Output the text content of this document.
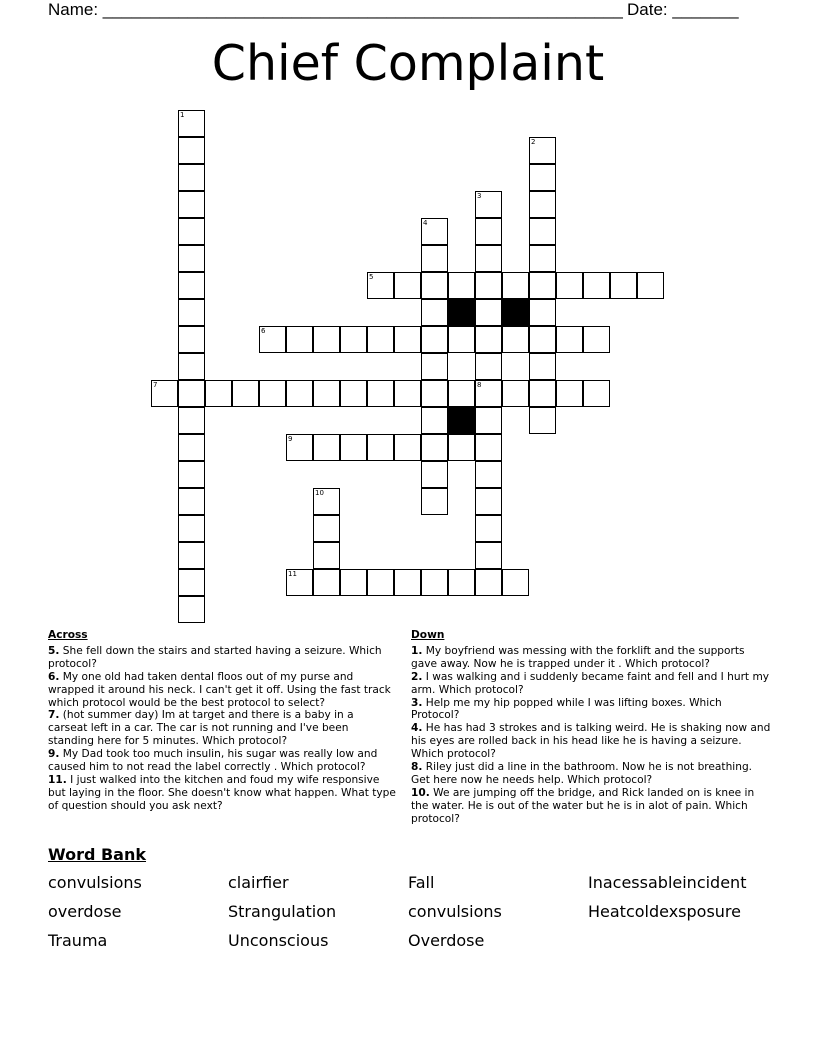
Name: _______________________________________________________ Date: _______
Chief Complaint
1
2
3
4
5
6
7	8
9
10
11
Across

5. She fell down the stairs and started having a seizure. Which protocol?

6. My one old had taken dental floos out of my purse and wrapped it around his neck. I can't get it off. Using the fast track which protocol would be the best protocol to select?

7. (hot summer day) Im at target and there is a baby in a carseat left in a car. The car is not running and I've been standing here for 5 minutes. Which protocol?

9. My Dad took too much insulin, his sugar was really low and caused him to not read the label correctly . Which protocol?

11. I just walked into the kitchen and foud my wife responsive but laying in the floor. She doesn't know what happen. What type of question should you ask next?

Down

1. My boyfriend was messing with the forklift and the supports gave away. Now he is trapped under it . Which protocol?

2. I was walking and i suddenly became faint and fell and I hurt my arm. Which protocol?

3. Help me my hip popped while I was lifting boxes. Which Protocol?

4. He has had 3 strokes and is talking weird. He is shaking now and his eyes are rolled back in his head like he is having a seizure. Which protocol?

8. Riley just did a line in the bathroom. Now he is not breathing. Get here now he needs help. Which protocol?

10. We are jumping off the bridge, and Rick landed on is knee in the water. He is out of the water but he is in alot of pain. Which protocol?

Word Bank
convulsions
overdose
Trauma
clairfier
Strangulation
Unconscious
Fall
convulsions
Overdose
Inacessableincident
Heatcoldexsposure
